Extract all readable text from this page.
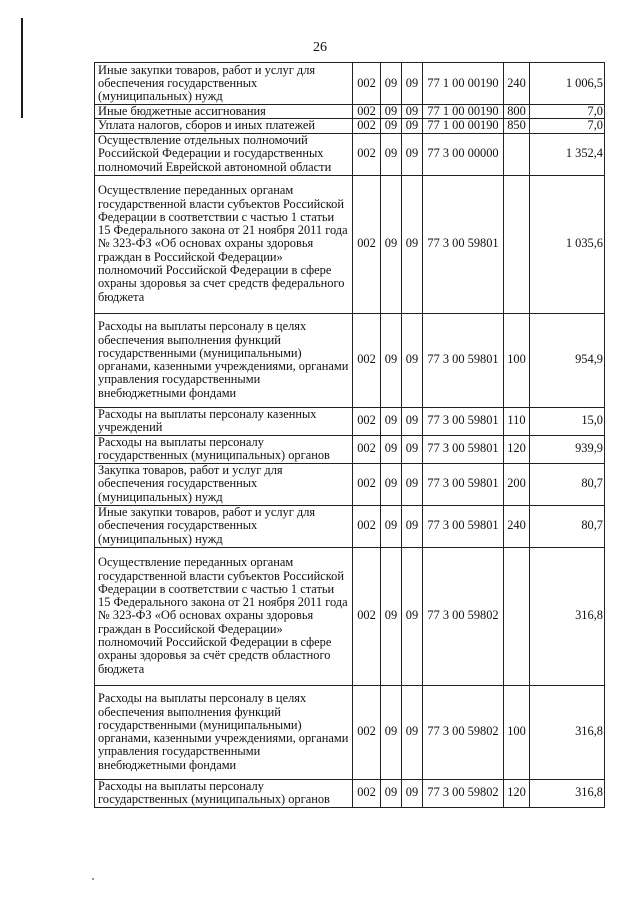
26
Иные закупки товаров, работ и услуг для обеспечения государственных (муниципальных) нужд	002	09	09	77 1 00 00190	240	1 006,5
Иные бюджетные ассигнования	002	09	09	77 1 00 00190	800	7,0
Уплата налогов, сборов и иных платежей	002	09	09	77 1 00 00190	850	7,0
Осуществление отдельных полномочий Российской Федерации и государственных полномочий Еврейской автономной области	002	09	09	77 3 00 00000		1 352,4
Осуществление переданных органам государственной власти субъектов Российской Федерации в соответствии с частью 1 статьи 15 Федерального закона от 21 ноября 2011 года № 323-ФЗ «Об основах охраны здоровья граждан в Российской Федерации» полномочий Российской Федерации в сфере охраны здоровья за счет средств федерального бюджета	002	09	09	77 3 00 59801		1 035,6
Расходы на выплаты персоналу в целях обеспечения выполнения функций государственными (муниципальными) органами, казенными учреждениями, органами управления государственными внебюджетными фондами	002	09	09	77 3 00 59801	100	954,9
Расходы на выплаты персоналу казенных учреждений	002	09	09	77 3 00 59801	110	15,0
Расходы на выплаты персоналу государственных (муниципальных) органов	002	09	09	77 3 00 59801	120	939,9
Закупка товаров, работ и услуг для обеспечения государственных (муниципальных) нужд	002	09	09	77 3 00 59801	200	80,7
Иные закупки товаров, работ и услуг для обеспечения государственных (муниципальных) нужд	002	09	09	77 3 00 59801	240	80,7
Осуществление переданных органам государственной власти субъектов Российской Федерации в соответствии с частью 1 статьи 15 Федерального закона от 21 ноября 2011 года № 323-ФЗ «Об основах охраны здоровья граждан в Российской Федерации» полномочий Российской Федерации в сфере охраны здоровья за счёт средств областного бюджета	002	09	09	77 3 00 59802		316,8
Расходы на выплаты персоналу в целях обеспечения выполнения функций государственными (муниципальными) органами, казенными учреждениями, органами управления государственными внебюджетными фондами	002	09	09	77 3 00 59802	100	316,8
Расходы на выплаты персоналу государственных (муниципальных) органов	002	09	09	77 3 00 59802	120	316,8
